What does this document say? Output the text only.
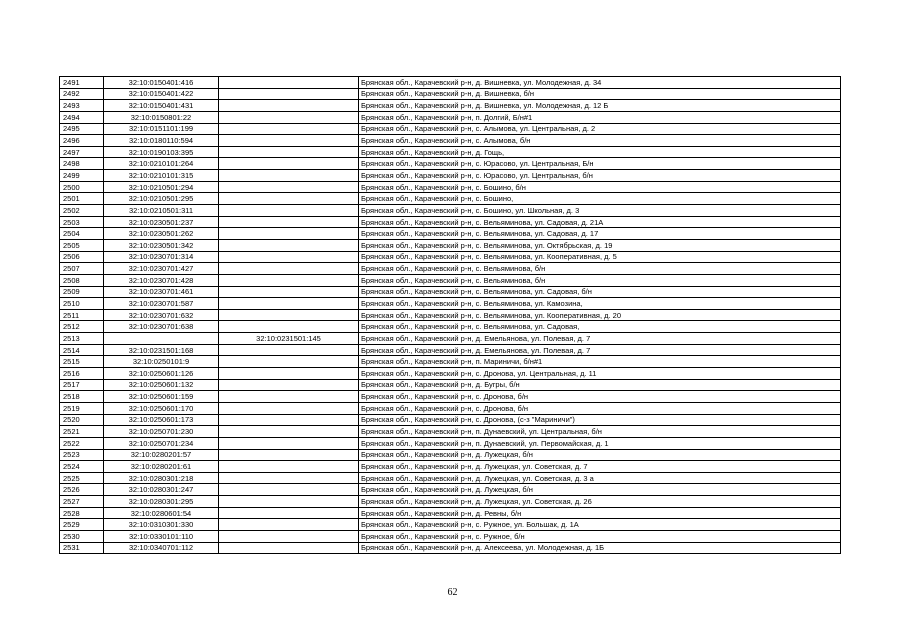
2491	32:10:0150401:416		Брянская обл., Карачевский р-н, д. Вишневка, ул. Молодежная, д. 34
2492	32:10:0150401:422		Брянская обл., Карачевский р-н, д. Вишневка, б/н
2493	32:10:0150401:431		Брянская обл., Карачевский р-н, д. Вишневка, ул. Молодежная, д. 12 Б
2494	32:10:0150801:22		Брянская обл., Карачевский р-н, п. Долгий, Б/н#1
2495	32:10:0151101:199		Брянская обл., Карачевский р-н, с. Алымова, ул. Центральная, д. 2
2496	32:10:0180110:594		Брянская обл., Карачевский р-н, с. Алымова, б/н
2497	32:10:0190103:395		Брянская обл., Карачевский р-н, д. Гощь,
2498	32:10:0210101:264		Брянская обл., Карачевский р-н, с. Юрасово, ул. Центральная, Б/н
2499	32:10:0210101:315		Брянская обл., Карачевский р-н, с. Юрасово, ул. Центральная, б/н
2500	32:10:0210501:294		Брянская обл., Карачевский р-н, с. Бошино, б/н
2501	32:10:0210501:295		Брянская обл., Карачевский р-н, с. Бошино,
2502	32:10:0210501:311		Брянская обл., Карачевский р-н, с. Бошино, ул. Школьная, д. 3
2503	32:10:0230501:237		Брянская обл., Карачевский р-н, с. Вельяминова, ул. Садовая, д. 21А
2504	32:10:0230501:262		Брянская обл., Карачевский р-н, с. Вельяминова, ул. Садовая, д. 17
2505	32:10:0230501:342		Брянская обл., Карачевский р-н, с. Вельяминова, ул. Октябрьская, д. 19
2506	32:10:0230701:314		Брянская обл., Карачевский р-н, с. Вельяминова, ул. Кооперативная, д. 5
2507	32:10:0230701:427		Брянская обл., Карачевский р-н, с. Вельяминова, б/н
2508	32:10:0230701:428		Брянская обл., Карачевский р-н, с. Вельяминова, б/н
2509	32:10:0230701:461		Брянская обл., Карачевский р-н, с. Вельяминова, ул. Садовая, б/н
2510	32:10:0230701:587		Брянская обл., Карачевский р-н, с. Вельяминова, ул. Камозина,
2511	32:10:0230701:632		Брянская обл., Карачевский р-н, с. Вельяминова, ул. Кооперативная, д. 20
2512	32:10:0230701:638		Брянская обл., Карачевский р-н, с. Вельяминова, ул. Садовая,
2513		32:10:0231501:145	Брянская обл., Карачевский р-н, д. Емельянова, ул. Полевая, д. 7
2514	32:10:0231501:168		Брянская обл., Карачевский р-н, д. Емельянова, ул. Полевая, д. 7
2515	32:10:0250101:9		Брянская обл., Карачевский р-н, п. Мариничи, б/н#1
2516	32:10:0250601:126		Брянская обл., Карачевский р-н, с. Дронова, ул. Центральная, д. 11
2517	32:10:0250601:132		Брянская обл., Карачевский р-н, д. Бугры, б/н
2518	32:10:0250601:159		Брянская обл., Карачевский р-н, с. Дронова, б/н
2519	32:10:0250601:170		Брянская обл., Карачевский р-н, с. Дронова, б/н
2520	32:10:0250601:173		Брянская обл., Карачевский р-н, с. Дронова, (с-з "Мариничи")
2521	32:10:0250701:230		Брянская обл., Карачевский р-н, п. Дунаевский, ул. Центральная, б/н
2522	32:10:0250701:234		Брянская обл., Карачевский р-н, п. Дунаевский, ул. Первомайская, д. 1
2523	32:10:0280201:57		Брянская обл., Карачевский р-н, д. Лужецкая, б/н
2524	32:10:0280201:61		Брянская обл., Карачевский р-н, д. Лужецкая, ул. Советская, д. 7
2525	32:10:0280301:218		Брянская обл., Карачевский р-н, д. Лужецкая, ул. Советская, д. 3 а
2526	32:10:0280301:247		Брянская обл., Карачевский р-н, д. Лужецкая, б/н
2527	32:10:0280301:295		Брянская обл., Карачевский р-н, д. Лужецкая, ул. Советская, д. 26
2528	32:10:0280601:54		Брянская обл., Карачевский р-н, д. Ревны, б/н
2529	32:10:0310301:330		Брянская обл., Карачевский р-н, с. Ружное, ул. Большак, д. 1А
2530	32:10:0330101:110		Брянская обл., Карачевский р-н, с. Ружное, б/н
2531	32:10:0340701:112		Брянская обл., Карачевский р-н, д. Алексеева, ул. Молодежная, д. 1Б
62
